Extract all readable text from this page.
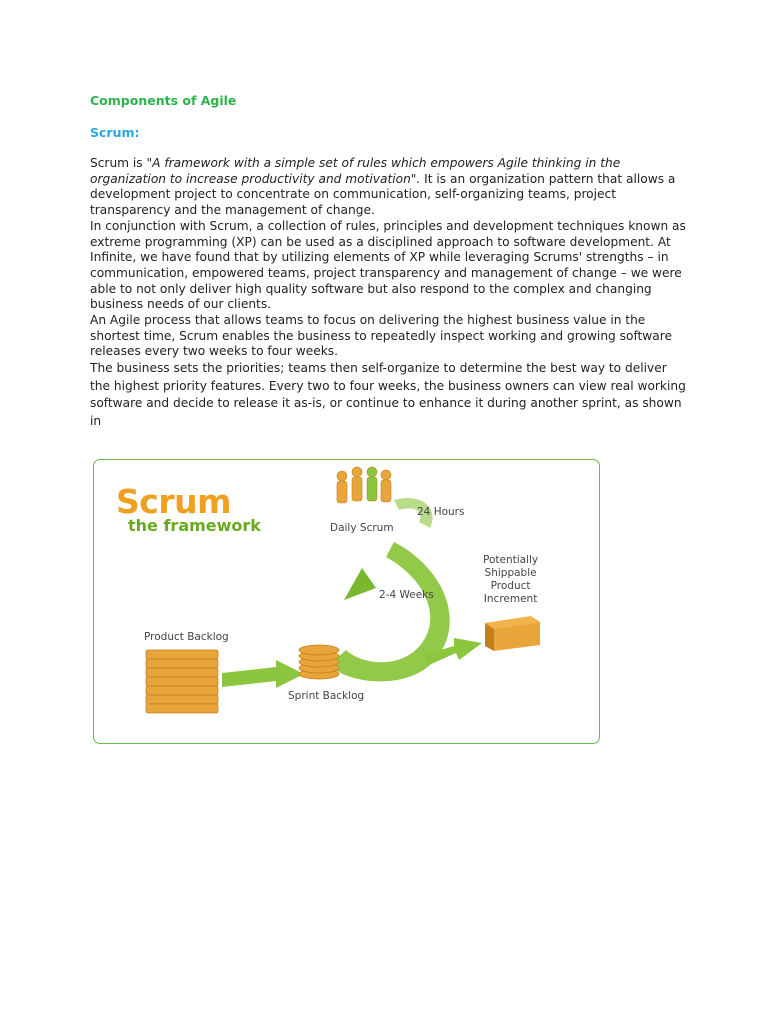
Components of Agile
Scrum:
Scrum is "A framework with a simple set of rules which empowers Agile thinking in the organization to increase productivity and motivation". It is an organization pattern that allows a development project to concentrate on communication, self-organizing teams, project transparency and the management of change.
In conjunction with Scrum, a collection of rules, principles and development techniques known as extreme programming (XP) can be used as a disciplined approach to software development. At Infinite, we have found that by utilizing elements of XP while leveraging Scrums' strengths – in communication, empowered teams, project transparency and management of change – we were able to not only deliver high quality software but also respond to the complex and changing business needs of our clients.
An Agile process that allows teams to focus on delivering the highest business value in the shortest time, Scrum enables the business to repeatedly inspect working and growing software releases every two weeks to four weeks.
The business sets the priorities; teams then self-organize to determine the best way to deliver the highest priority features. Every two to four weeks, the business owners can view real working software and decide to release it as-is, or continue to enhance it during another sprint, as shown in
Scrum
the framework	Daily Scrum
24 Hours
2-4 Weeks
Product Backlog
Sprint Backlog
Potentially
Shippable
Product
Increment
